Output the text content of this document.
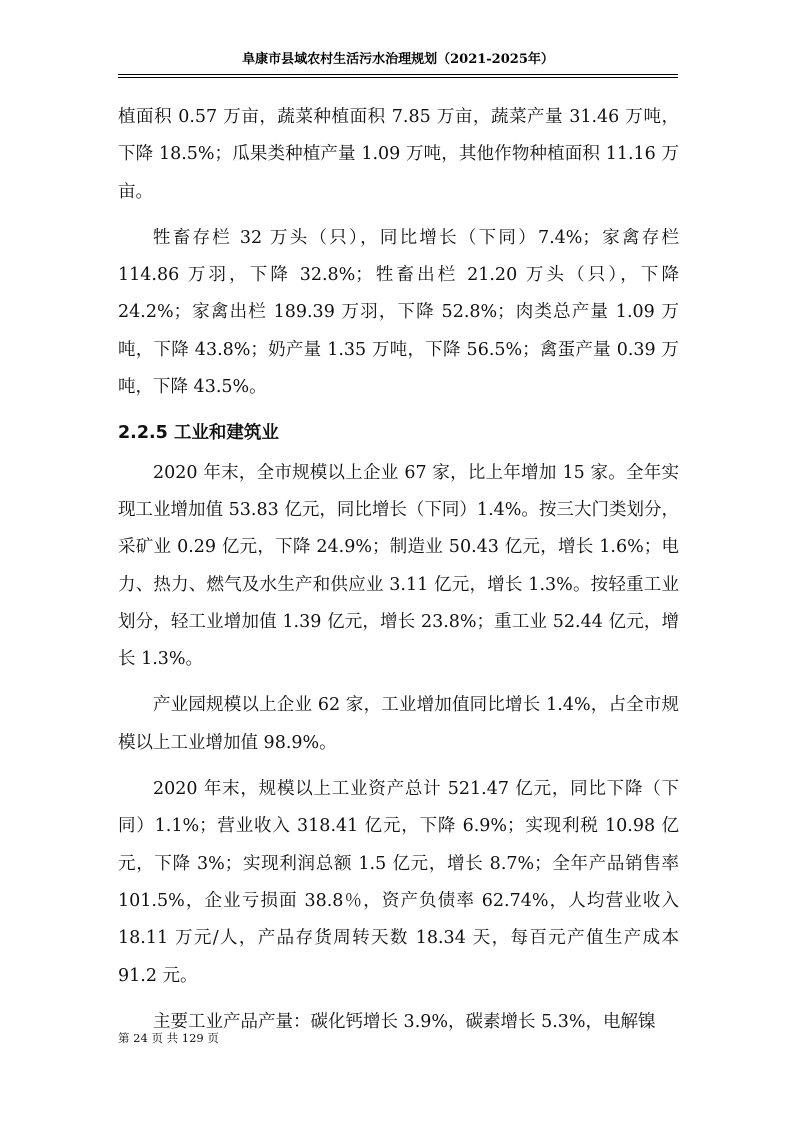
阜康市县域农村生活污水治理规划（2021-2025年）

植面积 0.57 万亩，蔬菜种植面积 7.85 万亩，蔬菜产量 31.46 万吨，下降 18.5%；瓜果类种植产量 1.09 万吨，其他作物种植面积 11.16 万亩。

牲畜存栏 32 万头（只），同比增长（下同）7.4%；家禽存栏 114.86 万羽，下降 32.8%；牲畜出栏 21.20 万头（只），下降 24.2%；家禽出栏 189.39 万羽，下降 52.8%；肉类总产量 1.09 万吨，下降 43.8%；奶产量 1.35 万吨，下降 56.5%；禽蛋产量 0.39 万吨，下降 43.5%。

2.2.5 工业和建筑业

2020 年末，全市规模以上企业 67 家，比上年增加 15 家。全年实现工业增加值 53.83 亿元，同比增长（下同）1.4%。按三大门类划分，采矿业 0.29 亿元，下降 24.9%；制造业 50.43 亿元，增长 1.6%；电力、热力、燃气及水生产和供应业 3.11 亿元，增长 1.3%。按轻重工业划分，轻工业增加值 1.39 亿元，增长 23.8%；重工业 52.44 亿元，增长 1.3%。

产业园规模以上企业 62 家，工业增加值同比增长 1.4%，占全市规模以上工业增加值 98.9%。

2020 年末，规模以上工业资产总计 521.47 亿元，同比下降（下同）1.1%；营业收入 318.41 亿元，下降 6.9%；实现利税 10.98 亿元，下降 3%；实现利润总额 1.5 亿元，增长 8.7%；全年产品销售率 101.5%，企业亏损面 38.8％，资产负债率 62.74%，人均营业收入 18.11 万元/人，产品存货周转天数 18.34 天，每百元产值生产成本 91.2 元。

主要工业产品产量：碳化钙增长 3.9%，碳素增长 5.3%，电解镍

第 24 页 共 129 页
